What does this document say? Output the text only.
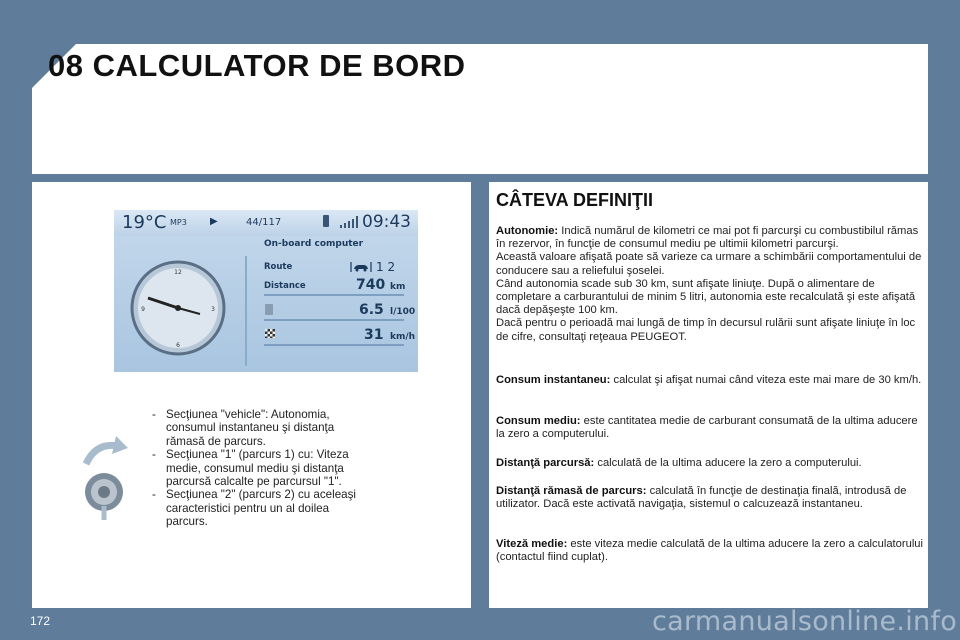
08 CALCULATOR DE BORD
19°C MP3 ▶	44/117	09:43
12
3
6
9
On-board computer
Route
Distance
1 2
740 km
6.5 l/100
31 km/h
- Secţiunea "vehicle": Autonomia, consumul instantaneu şi distanţa rămasă de parcurs.
- Secţiunea "1" (parcurs 1) cu: Viteza medie, consumul mediu şi distanţa parcursă calcalte pe parcursul "1".
- Secţiunea "2" (parcurs 2) cu aceleaşi caracteristici pentru un al doilea parcurs.
CÂTEVA DEFINIŢII
Autonomie: Indică numărul de kilometri ce mai pot fi parcurşi cu combustibilul rămas în rezervor, în funcţie de consumul mediu pe ultimii kilometri parcurşi.
Această valoare afişată poate să varieze ca urmare a schimbării comportamentului de conducere sau a reliefului şoselei.
Când autonomia scade sub 30 km, sunt afişate liniuţe. După o alimentare de completare a carburantului de minim 5 litri, autonomia este recalculată şi este afişată dacă depăşeşte 100 km.
Dacă pentru o perioadă mai lungă de timp în decursul rulării sunt afişate liniuţe în loc de cifre, consultaţi reţeaua PEUGEOT.
Consum instantaneu: calculat şi afişat numai când viteza este mai mare de 30 km/h.
Consum mediu: este cantitatea medie de carburant consumată de la ultima aducere la zero a computerului.
Distanţă parcursă: calculată de la ultima aducere la zero a computerului.
Distanţă rămasă de parcurs: calculată în funcţie de destinaţia finală, introdusă de utilizator. Dacă este activată navigaţia, sistemul o calcuzează instantaneu.
Viteză medie: este viteza medie calculată de la ultima aducere la zero a calculatorului (contactul fiind cuplat).
172	carmanualsonline.info
